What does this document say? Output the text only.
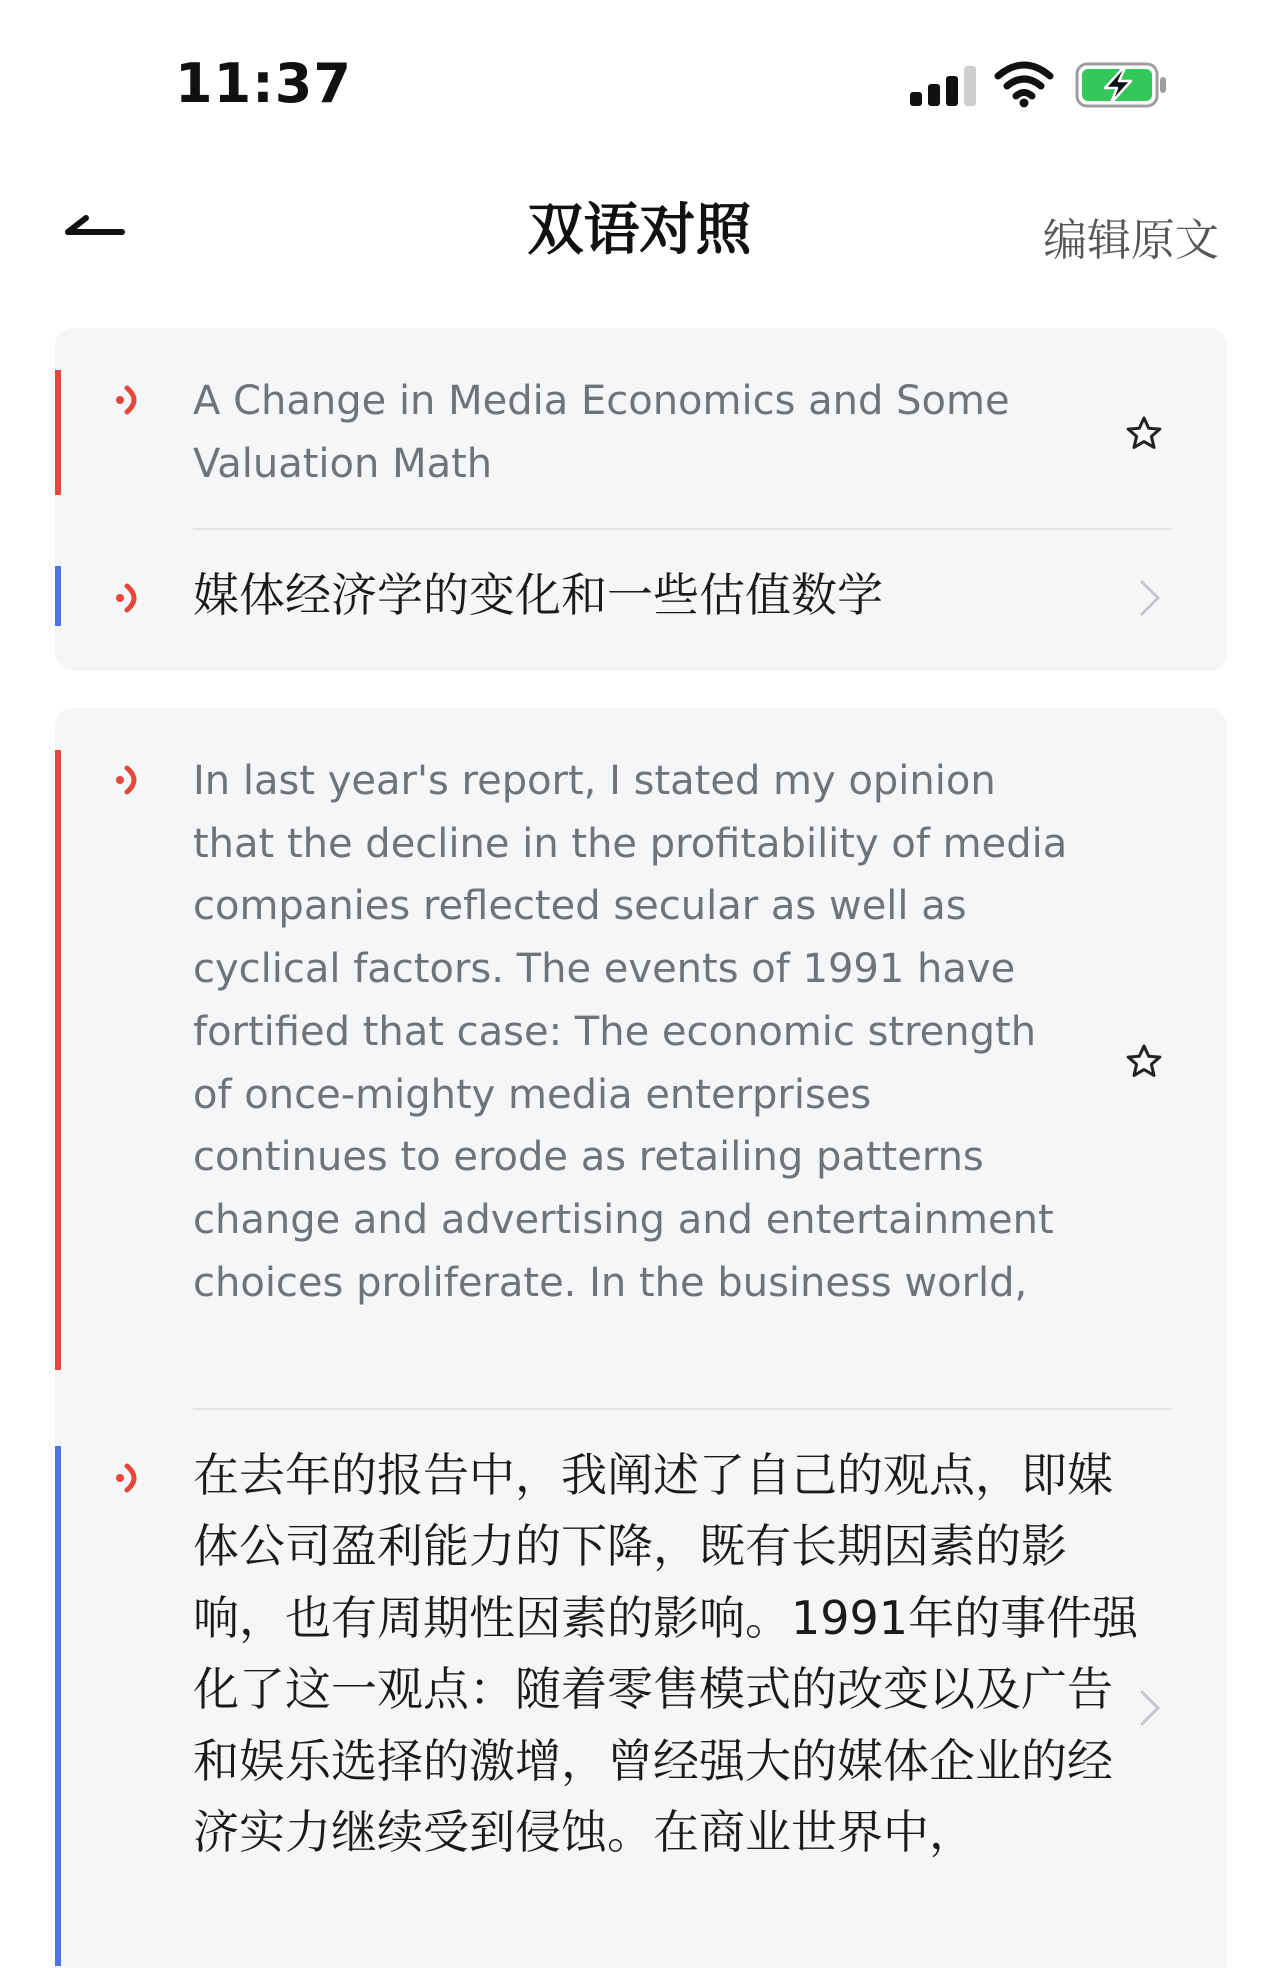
11:37
双语对照	编辑原文
A Change in Media Economics and Some Valuation Math
媒体经济学的变化和一些估值数学
In last year's report, I stated my opinion that the decline in the profitability of media companies reflected secular as well as cyclical factors. The events of 1991 have fortified that case: The economic strength of once-mighty media enterprises continues to erode as retailing patterns change and advertising and entertainment choices proliferate. In the business world,
在去年的报告中，我阐述了自己的观点，即媒体公司盈利能力的下降，既有长期因素的影响，也有周期性因素的影响。1991年的事件强化了这一观点：随着零售模式的改变以及广告和娱乐选择的激增，曾经强大的媒体企业的经济实力继续受到侵蚀。在商业世界中，
